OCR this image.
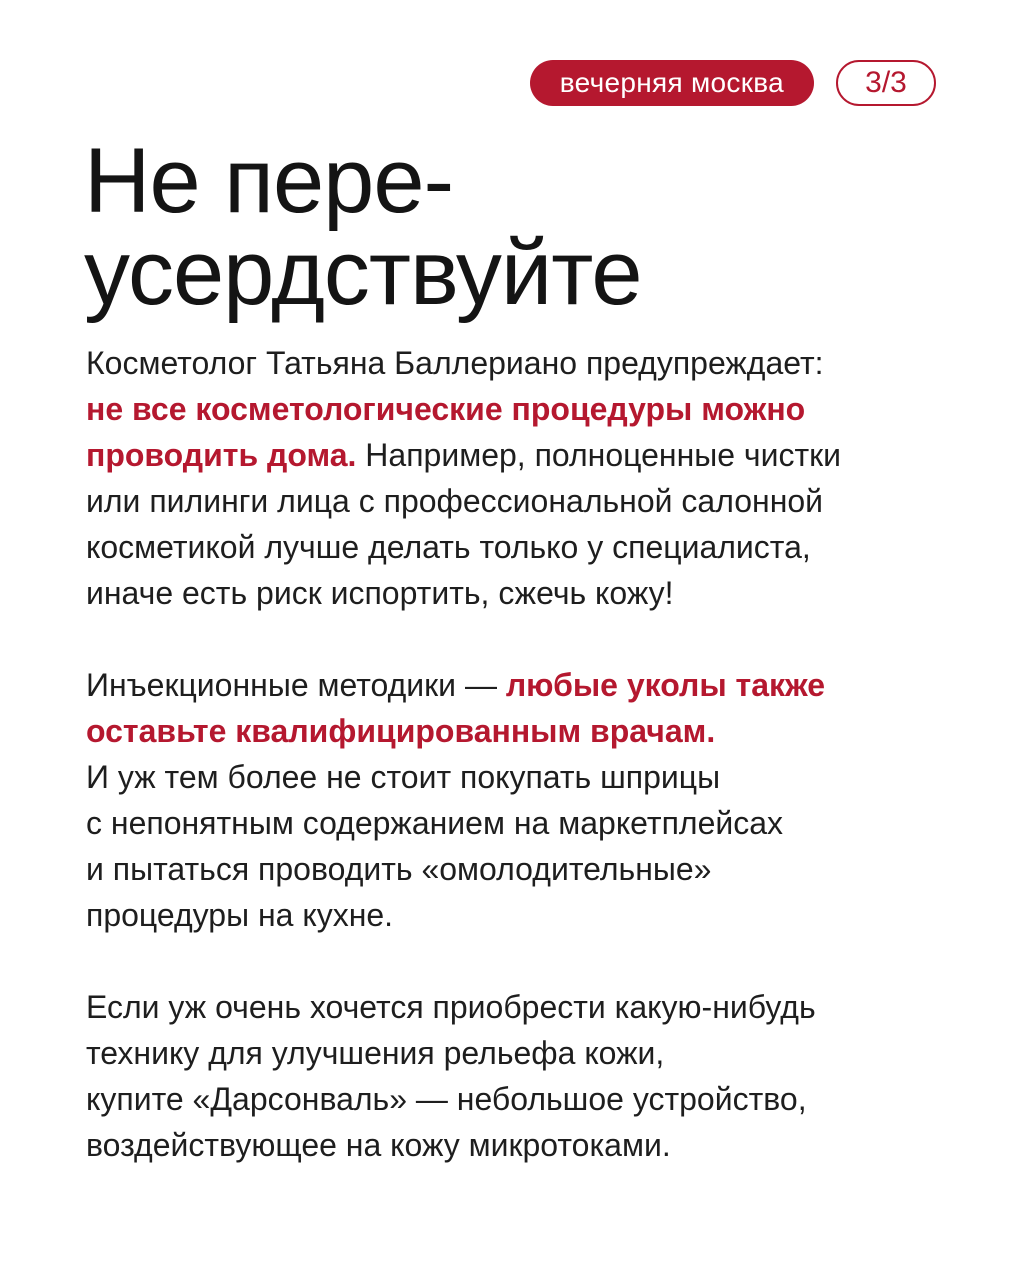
вечерняя москва	3/3
Не пере-
усердствуйте

Косметолог Татьяна Баллериано предупреждает:
не все косметологические процедуры можно
проводить дома. Например, полноценные чистки
или пилинги лица с профессиональной салонной
косметикой лучше делать только у специалиста,
иначе есть риск испортить, сжечь кожу!

Инъекционные методики — любые уколы также
оставьте квалифицированным врачам.
И уж тем более не стоит покупать шприцы
с непонятным содержанием на маркетплейсах
и пытаться проводить «омолодительные»
процедуры на кухне.

Если уж очень хочется приобрести какую-нибудь
технику для улучшения рельефа кожи,
купите «Дарсонваль» — небольшое устройство,
воздействующее на кожу микротоками.
